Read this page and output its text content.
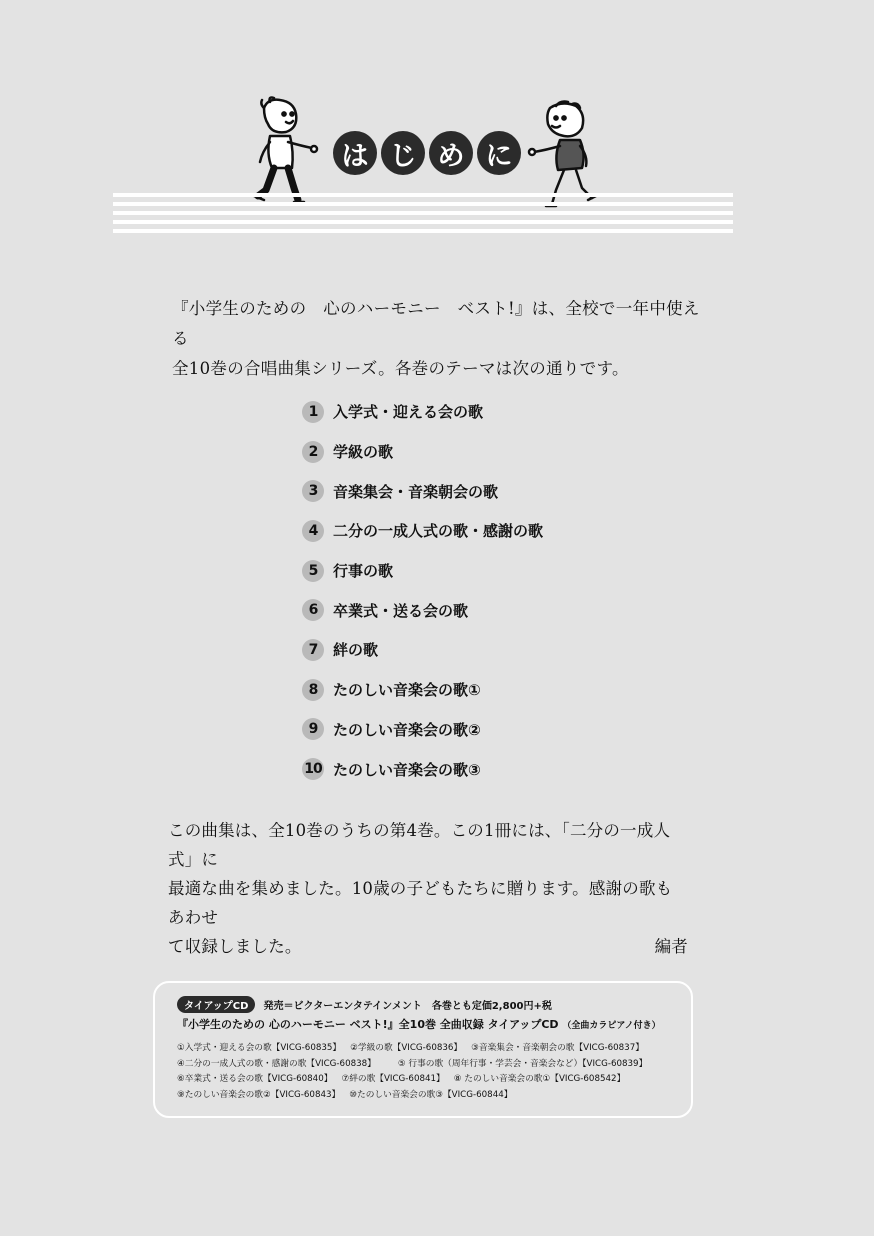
は じ め に
『小学生のための　心のハーモニー　ベスト!』は、全校で一年中使える
全10巻の合唱曲集シリーズ。各巻のテーマは次の通りです。
1	入学式・迎える会の歌
2	学級の歌
3	音楽集会・音楽朝会の歌
4	二分の一成人式の歌・感謝の歌
5	行事の歌
6	卒業式・送る会の歌
7	絆の歌
8	たのしい音楽会の歌①
9	たのしい音楽会の歌②
10 たのしい音楽会の歌③
この曲集は、全10巻のうちの第4巻。この1冊には、「二分の一成人式」に
最適な曲を集めました。10歳の子どもたちに贈ります。感謝の歌もあわせ
て収録しました。	編者
タイアップCD	発売＝ビクターエンタテインメント　各巻とも定価2,800円+税
『小学生のための 心のハーモニー ベスト!』全10巻 全曲収録 タイアップCD （全曲カラピアノ付き）
①入学式・迎える会の歌【VICG-60835】 ②学級の歌【VICG-60836】 ③音楽集会・音楽朝会の歌【VICG-60837】
④二分の一成人式の歌・感謝の歌【VICG-60838】	⑤ 行事の歌（周年行事・学芸会・音楽会など）【VICG-60839】
⑥卒業式・送る会の歌【VICG-60840】 ⑦絆の歌【VICG-60841】 ⑧ たのしい音楽会の歌①【VICG-608542】
⑨たのしい音楽会の歌②【VICG-60843】 ⑩たのしい音楽会の歌③【VICG-60844】
